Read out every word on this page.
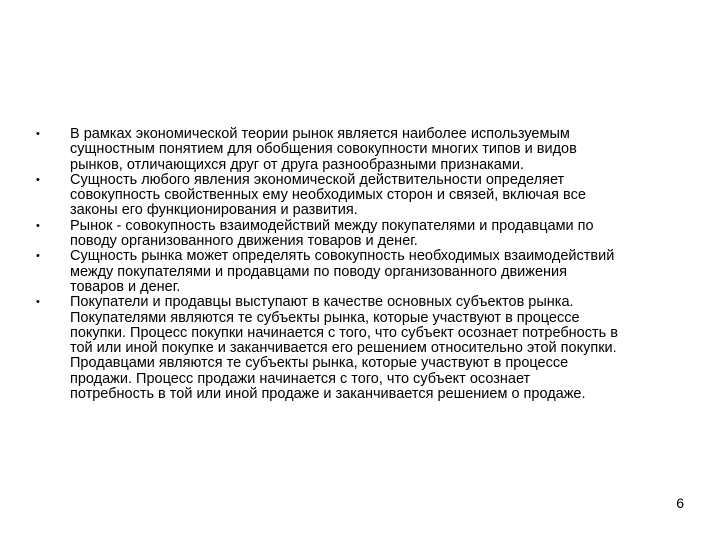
•	В рамках экономической теории рынок является наиболее используемым
сущностным понятием для обобщения совокупности многих типов и видов
рынков, отличающихся друг от друга разнообразными признаками.
•	Сущность любого явления экономической действительности определяет
совокупность свойственных ему необходимых сторон и связей, включая все
законы его функционирования и развития.
•	Рынок - совокупность взаимодействий между покупателями и продавцами по
поводу организованного движения товаров и денег.
•	Сущность рынка может определять совокупность необходимых взаимодействий
между покупателями и продавцами по поводу организованного движения
товаров и денег.
•	Покупатели и продавцы выступают в качестве основных субъектов рынка.
Покупателями являются те субъекты рынка, которые участвуют в процессе
покупки. Процесс покупки начинается с того, что субъект осознает потребность в
той или иной покупке и заканчивается его решением относительно этой покупки.
Продавцами являются те субъекты рынка, которые участвуют в процессе
продажи. Процесс продажи начинается с того, что субъект осознает
потребность в той или иной продаже и заканчивается решением о продаже.
6
